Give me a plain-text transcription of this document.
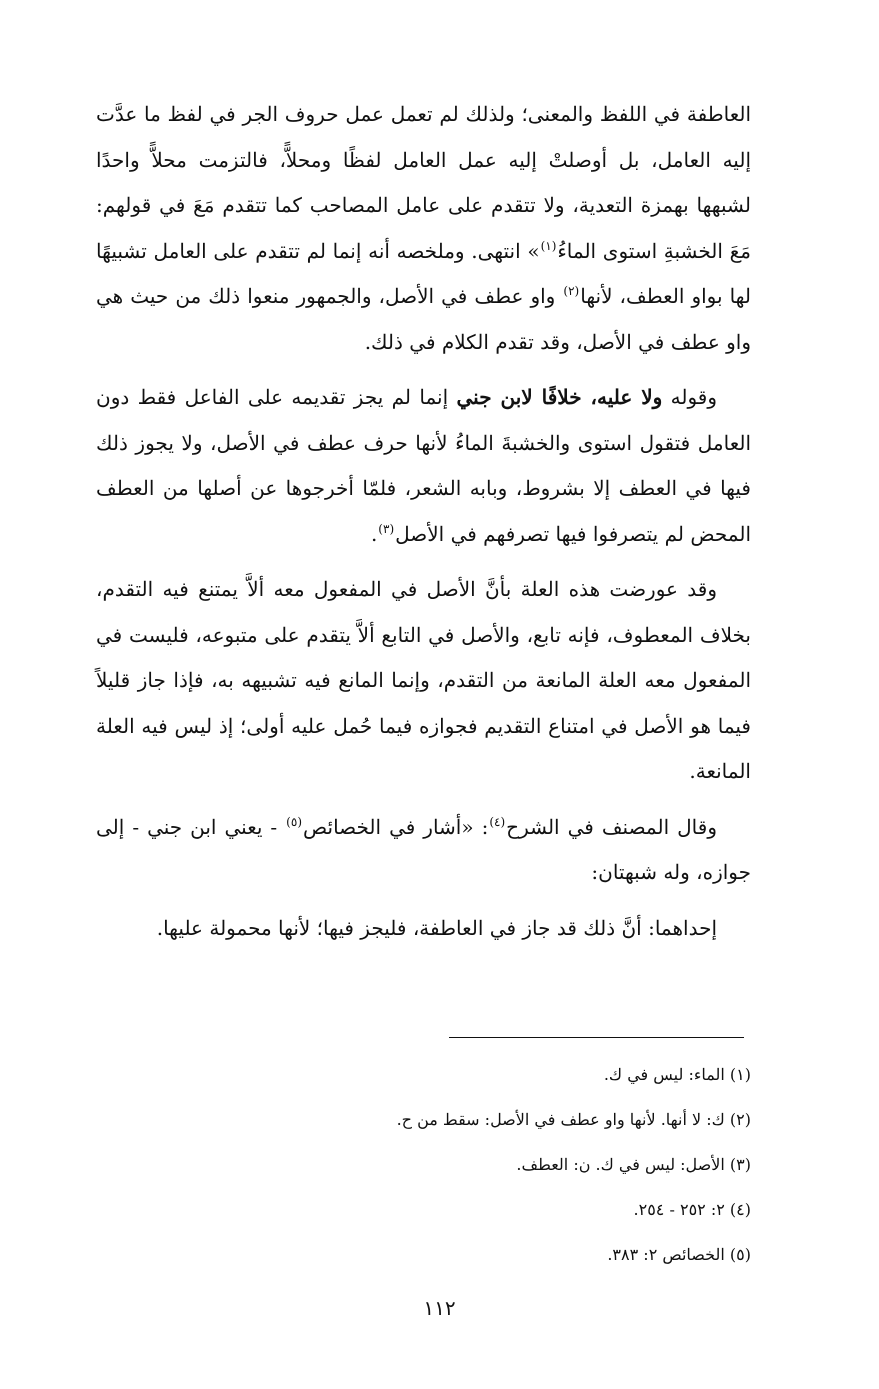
العاطفة في اللفظ والمعنى؛ ولذلك لم تعمل عمل حروف الجر في لفظ ما عدَّت إليه العامل، بل أوصلتْ إليه عمل العامل لفظًا ومحلاًّ، فالتزمت محلاًّ واحدًا لشبهها بهمزة التعدية، ولا تتقدم على عامل المصاحب كما تتقدم مَعَ في قولهم: مَعَ الخشبةِ استوى الماءُ$^{(١)}$» انتهى. وملخصه أنه إنما لم تتقدم على العامل تشبيهًا لها بواو العطف، لأنها$^{(٢)}$ واو عطف في الأصل، والجمهور منعوا ذلك من حيث هي واو عطف في الأصل، وقد تقدم الكلام في ذلك.

وقوله ولا عليه، خلافًا لابن جني إنما لم يجز تقديمه على الفاعل فقط دون العامل فتقول استوى والخشبةَ الماءُ لأنها حرف عطف في الأصل، ولا يجوز ذلك فيها في العطف إلا بشروط، وبابه الشعر، فلمّا أخرجوها عن أصلها من العطف المحض لم يتصرفوا فيها تصرفهم في الأصل$^{(٣)}$.

وقد عورضت هذه العلة بأنَّ الأصل في المفعول معه ألاَّ يمتنع فيه التقدم، بخلاف المعطوف، فإنه تابع، والأصل في التابع ألاَّ يتقدم على متبوعه، فليست في المفعول معه العلة المانعة من التقدم، وإنما المانع فيه تشبيهه به، فإذا جاز قليلاً فيما هو الأصل في امتناع التقديم فجوازه فيما حُمل عليه أولى؛ إذ ليس فيه العلة المانعة.

وقال المصنف في الشرح$^{(٤)}$: «أشار في الخصائص$^{(٥)}$ - يعني ابن جني - إلى جوازه، وله شبهتان:

إحداهما: أنَّ ذلك قد جاز في العاطفة، فليجز فيها؛ لأنها محمولة عليها.

(١) الماء: ليس في ك.
(٢) ك: لا أنها. لأنها واو عطف في الأصل: سقط من ح.
(٣) الأصل: ليس في ك. ن: العطف.
(٤) ٢: ٢٥٢ - ٢٥٤.
(٥) الخصائص ٢: ٣٨٣.
١١٢
